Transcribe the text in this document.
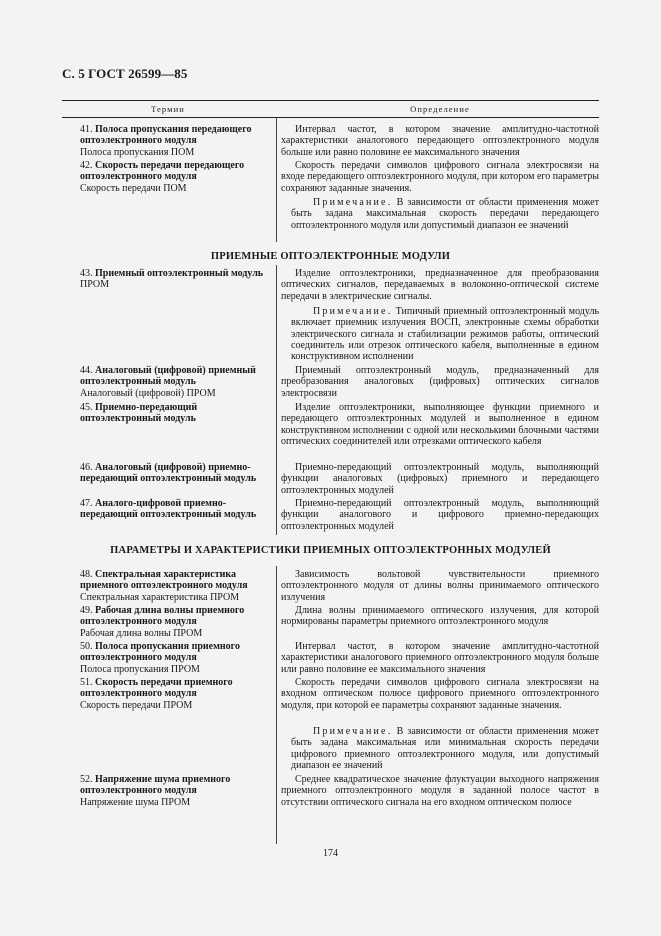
С. 5 ГОСТ 26599—85
Термин	Определение
41. Полоса пропускания передающего оптоэлектронного модуля
Полоса пропускания ПОМ
Интервал частот, в котором значение амплитудно-частотной характеристики аналогового передающего оптоэлектронного модуля больше или равно половине ее максимального значения
42. Скорость передачи передающего оптоэлектронного модуля
Скорость передачи ПОМ
Скорость передачи символов цифрового сигнала электросвязи на входе передающего оптоэлектронного модуля, при котором его параметры сохраняют заданные значения.
Примечание. В зависимости от области применения может быть задана максимальная скорость передачи передающего оптоэлектронного модуля или допустимый диапазон ее значений
ПРИЕМНЫЕ ОПТОЭЛЕКТРОННЫЕ МОДУЛИ
43. Приемный оптоэлектронный модуль
ПРОМ
Изделие оптоэлектроники, предназначенное для преобразования оптических сигналов, передаваемых в волоконно-оптической системе передачи в электрические сигналы.
Примечание. Типичный приемный оптоэлектронный модуль включает приемник излучения ВОСП, электронные схемы обработки электрического сигнала и стабилизации режимов работы, оптический соединитель или отрезок оптического кабеля, выполненные в едином конструктивном исполнении
44. Аналоговый (цифровой) приемный оптоэлектронный модуль
Аналоговый (цифровой) ПРОМ
Приемный оптоэлектронный модуль, предназначенный для преобразования аналоговых (цифровых) оптических сигналов электросвязи
45. Приемно-передающий оптоэлектронный модуль
Изделие оптоэлектроники, выполняющее функции приемного и передающего оптоэлектронных модулей и выполненное в едином конструктивном исполнении с одной или несколькими блочными частями оптических соединителей или отрезками оптического кабеля
46. Аналоговый (цифровой) приемно-передающий оптоэлектронный модуль
Приемно-передающий оптоэлектронный модуль, выполняющий функции аналоговых (цифровых) приемного и передающего оптоэлектронных модулей
47. Аналого-цифровой приемно-передающий оптоэлектронный модуль
Приемно-передающий оптоэлектронный модуль, выполняющий функции аналогового и цифрового приемно-передающих оптоэлектронных модулей
ПАРАМЕТРЫ И ХАРАКТЕРИСТИКИ ПРИЕМНЫХ ОПТОЭЛЕКТРОННЫХ МОДУЛЕЙ
48. Спектральная характеристика приемного оптоэлектронного модуля
Спектральная характеристика ПРОМ
Зависимость вольтовой чувствительности приемного оптоэлектронного модуля от длины волны принимаемого оптического излучения
49. Рабочая длина волны приемного оптоэлектронного модуля
Рабочая длина волны ПРОМ
Длина волны принимаемого оптического излучения, для которой нормированы параметры приемного оптоэлектронного модуля
50. Полоса пропускания приемного оптоэлектронного модуля
Полоса пропускания ПРОМ
Интервал частот, в котором значение амплитудно-частотной характеристики аналогового приемного оптоэлектронного модуля больше или равно половине ее максимального значения
51. Скорость передачи приемного оптоэлектронного модуля
Скорость передачи ПРОМ
Скорость передачи символов цифрового сигнала электросвязи на входном оптическом полюсе цифрового приемного оптоэлектронного модуля, при которой ее параметры сохраняют заданные значения.
Примечание. В зависимости от области применения может быть задана максимальная или минимальная скорость передачи цифрового приемного оптоэлектронного модуля, или допустимый диапазон ее значений
52. Напряжение шума приемного оптоэлектронного модуля
Напряжение шума ПРОМ
Среднее квадратическое значение флуктуации выходного напряжения приемного оптоэлектронного модуля в заданной полосе частот в отсутствии оптического сигнала на его входном оптическом полюсе
174
